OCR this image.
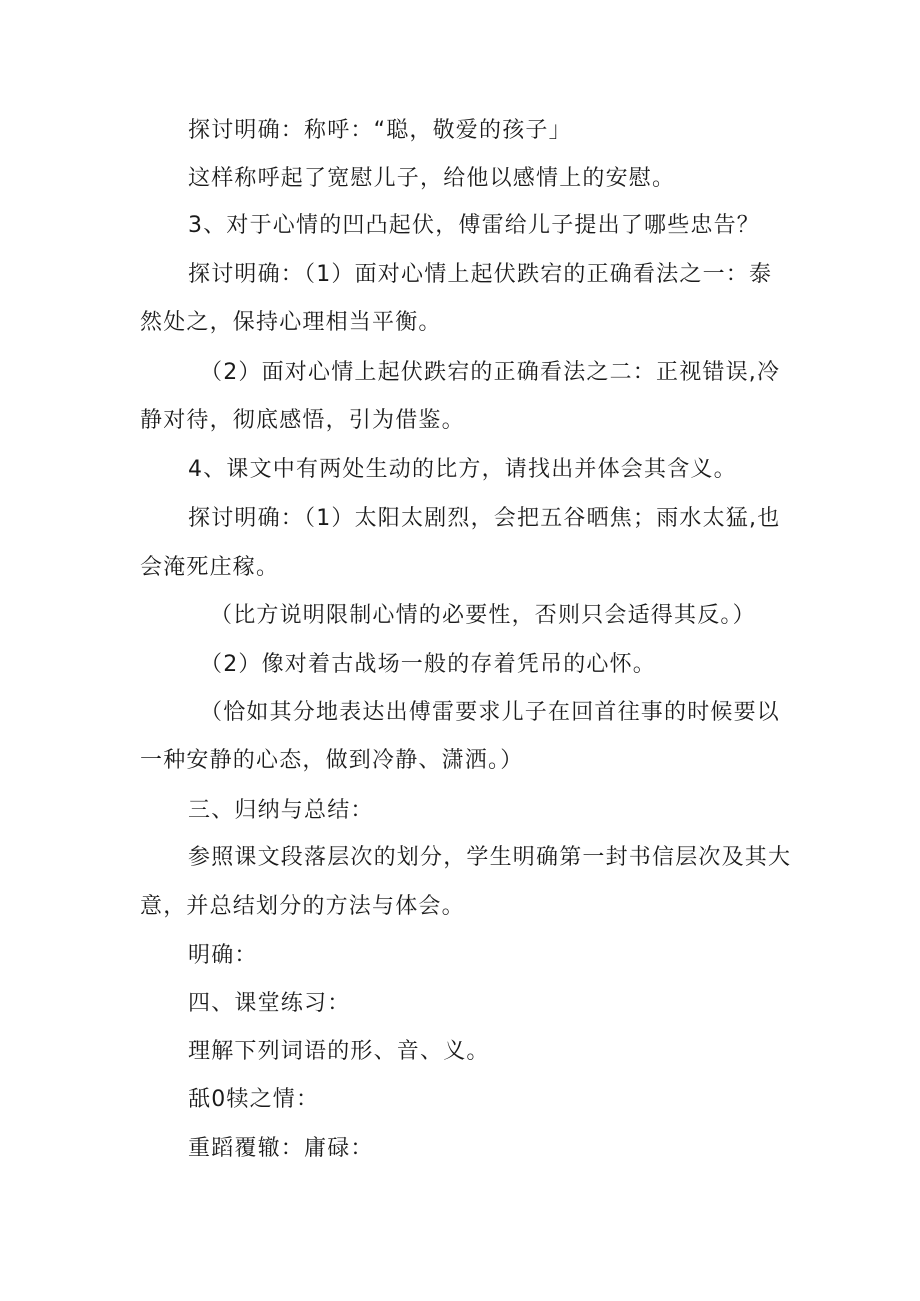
探讨明确：称呼：“聪，敬爱的孩子」
这样称呼起了宽慰儿子，给他以感情上的安慰。
3、对于心情的凹凸起伏，傅雷给儿子提出了哪些忠告？
探讨明确：（1）面对心情上起伏跌宕的正确看法之一：泰
然处之，保持心理相当平衡。
（2）面对心情上起伏跌宕的正确看法之二：正视错误,冷
静对待，彻底感悟，引为借鉴。
4、课文中有两处生动的比方，请找出并体会其含义。
探讨明确：（1）太阳太剧烈，会把五谷晒焦；雨水太猛,也
会淹死庄稼。
（比方说明限制心情的必要性，否则只会适得其反。）
（2）像对着古战场一般的存着凭吊的心怀。
（恰如其分地表达出傅雷要求儿子在回首往事的时候要以
一种安静的心态，做到冷静、潇洒。）
三、归纳与总结：
参照课文段落层次的划分，学生明确第一封书信层次及其大
意，并总结划分的方法与体会。
明确：
四、课堂练习：
理解下列词语的形、音、义。
舐0犊之情：
重蹈覆辙：庸碌：
